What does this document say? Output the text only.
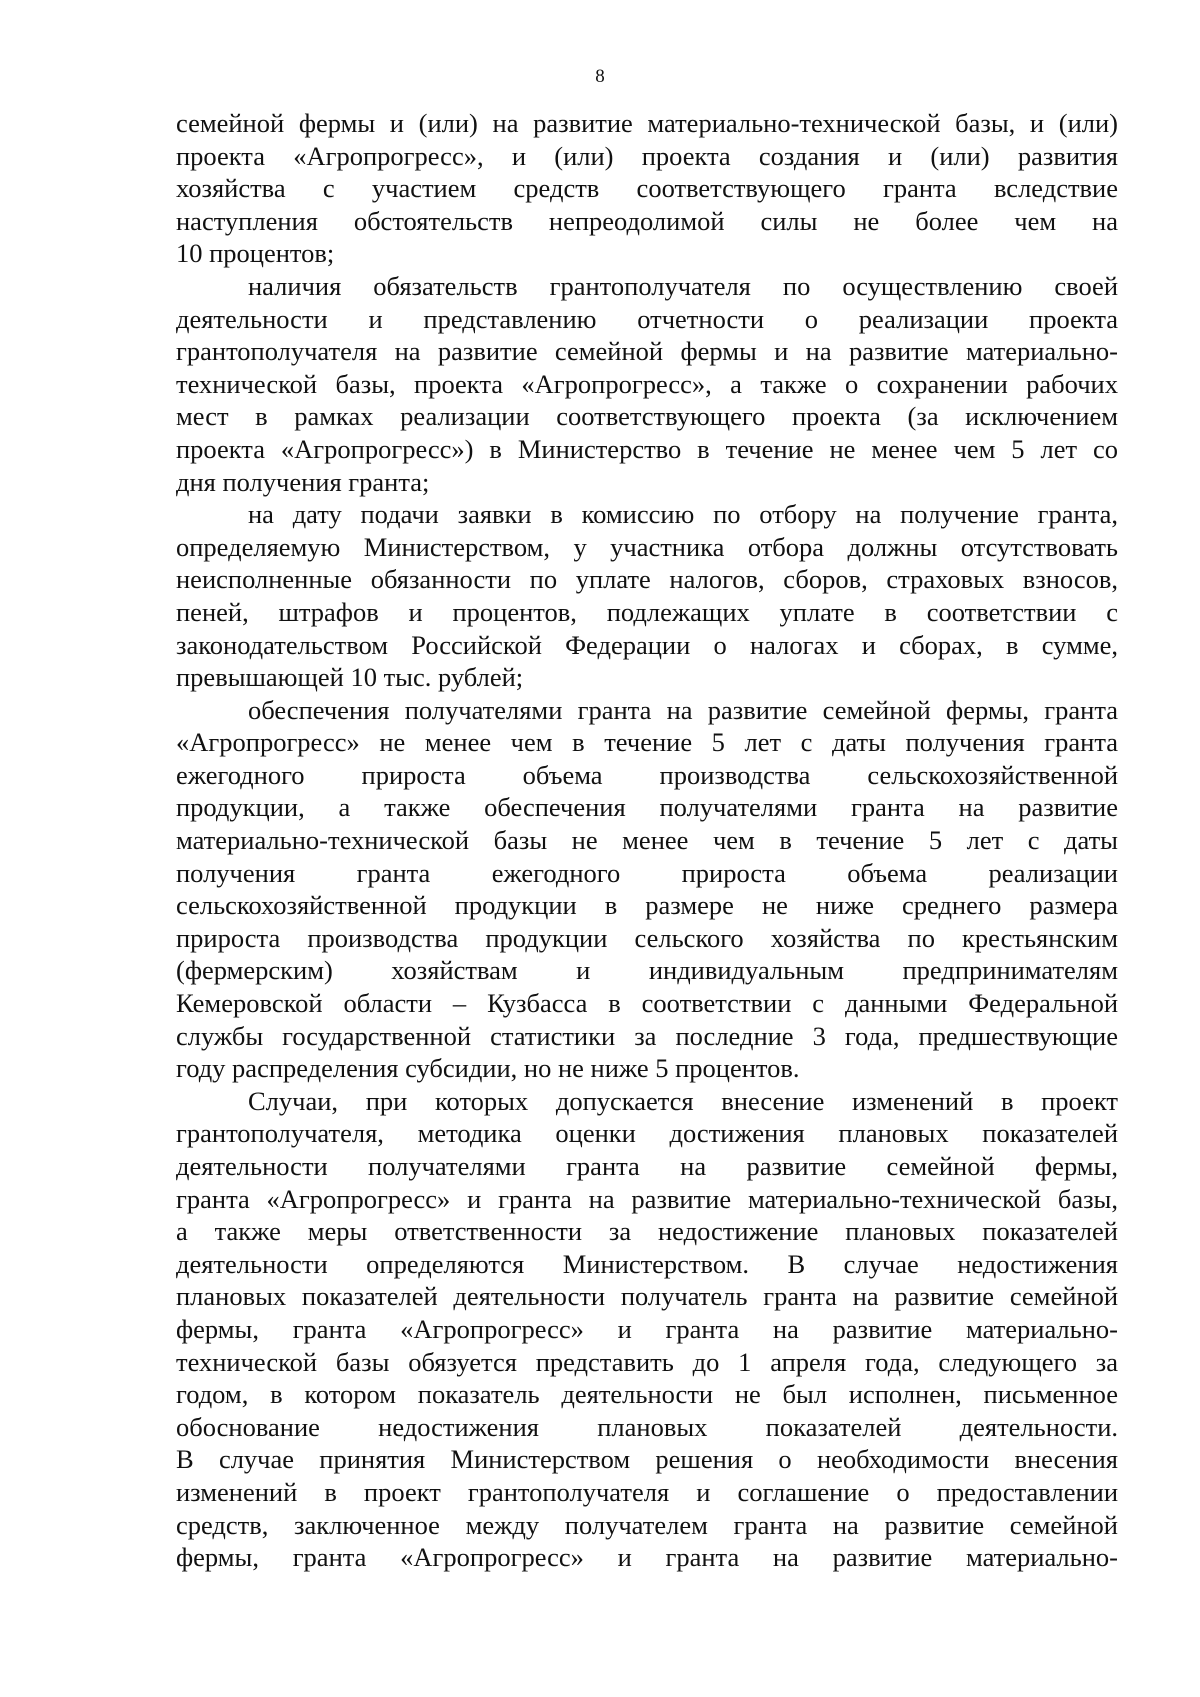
8
семейной фермы и (или) на развитие материально-технической базы, и (или)
проекта «Агропрогресс», и (или) проекта создания и (или) развития
хозяйства с участием средств соответствующего гранта вследствие
наступления обстоятельств непреодолимой силы не более чем на
10 процентов;
наличия обязательств грантополучателя по осуществлению своей
деятельности и представлению отчетности о реализации проекта
грантополучателя на развитие семейной фермы и на развитие материально-
технической базы, проекта «Агропрогресс», а также о сохранении рабочих
мест в рамках реализации соответствующего проекта (за исключением
проекта «Агропрогресс») в Министерство в течение не менее чем 5 лет со
дня получения гранта;
на дату подачи заявки в комиссию по отбору на получение гранта,
определяемую Министерством, у участника отбора должны отсутствовать
неисполненные обязанности по уплате налогов, сборов, страховых взносов,
пеней, штрафов и процентов, подлежащих уплате в соответствии с
законодательством Российской Федерации о налогах и сборах, в сумме,
превышающей 10 тыс. рублей;
обеспечения получателями гранта на развитие семейной фермы, гранта
«Агропрогресс» не менее чем в течение 5 лет с даты получения гранта
ежегодного прироста объема производства сельскохозяйственной
продукции, а также обеспечения получателями гранта на развитие
материально-технической базы не менее чем в течение 5 лет с даты
получения гранта ежегодного прироста объема реализации
сельскохозяйственной продукции в размере не ниже среднего размера
прироста производства продукции сельского хозяйства по крестьянским
(фермерским) хозяйствам и индивидуальным предпринимателям
Кемеровской области – Кузбасса в соответствии с данными Федеральной
службы государственной статистики за последние 3 года, предшествующие
году распределения субсидии, но не ниже 5 процентов.
Случаи, при которых допускается внесение изменений в проект
грантополучателя, методика оценки достижения плановых показателей
деятельности получателями гранта на развитие семейной фермы,
гранта «Агропрогресс» и гранта на развитие материально-технической базы,
а также меры ответственности за недостижение плановых показателей
деятельности определяются Министерством. В случае недостижения
плановых показателей деятельности получатель гранта на развитие семейной
фермы, гранта «Агропрогресс» и гранта на развитие материально-
технической базы обязуется представить до 1 апреля года, следующего за
годом, в котором показатель деятельности не был исполнен, письменное
обоснование недостижения плановых показателей деятельности.
В случае принятия Министерством решения о необходимости внесения
изменений в проект грантополучателя и соглашение о предоставлении
средств, заключенное между получателем гранта на развитие семейной
фермы, гранта «Агропрогресс» и гранта на развитие материально-
